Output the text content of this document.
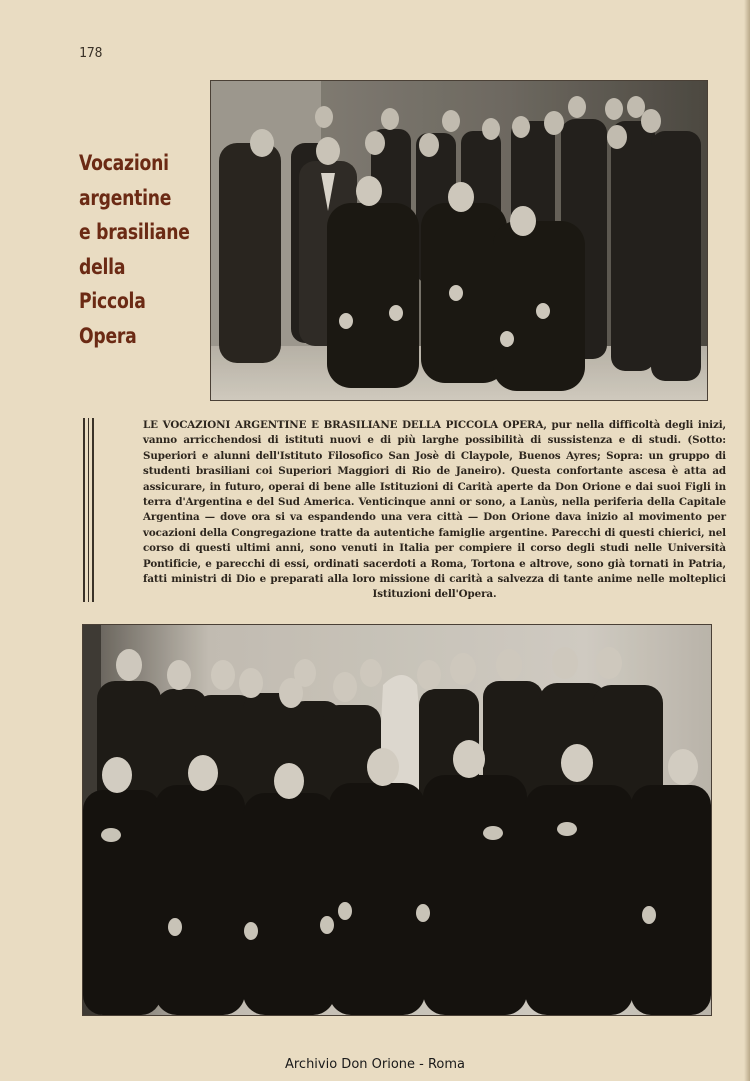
178
Vocazioni
argentine
e brasiliane
della
Piccola
Opera
LE VOCAZIONI ARGENTINE E BRASILIANE DELLA PICCOLA OPERA, pur nella difficoltà degli inizi, vanno arricchendosi di istituti nuovi e di più larghe possibilità di sussistenza e di studi. (Sotto: Superiori e alunni dell'Istituto Filosofico San Josè di Claypole, Buenos Ayres; Sopra: un gruppo di studenti brasiliani coi Superiori Maggiori di Rio de Janeiro). Questa confortante ascesa è atta ad assicurare, in futuro, operai di bene alle Istituzioni di Carità aperte da Don Orione e dai suoi Figli in terra d'Argentina e del Sud America. Venticinque anni or sono, a Lanùs, nella periferia della Capitale Argentina — dove ora si va espandendo una vera città — Don Orione dava inizio al movimento per vocazioni della Congregazione tratte da autentiche famiglie argentine. Parecchi di questi chierici, nel corso di questi ultimi anni, sono venuti in Italia per compiere il corso degli studi nelle Università Pontificie, e parecchi di essi, ordinati sacerdoti a Roma, Tortona e altrove, sono già tornati in Patria, fatti ministri di Dio e preparati alla loro missione di carità a salvezza di tante anime nelle molteplici Istituzioni dell'Opera.
Archivio Don Orione - Roma
